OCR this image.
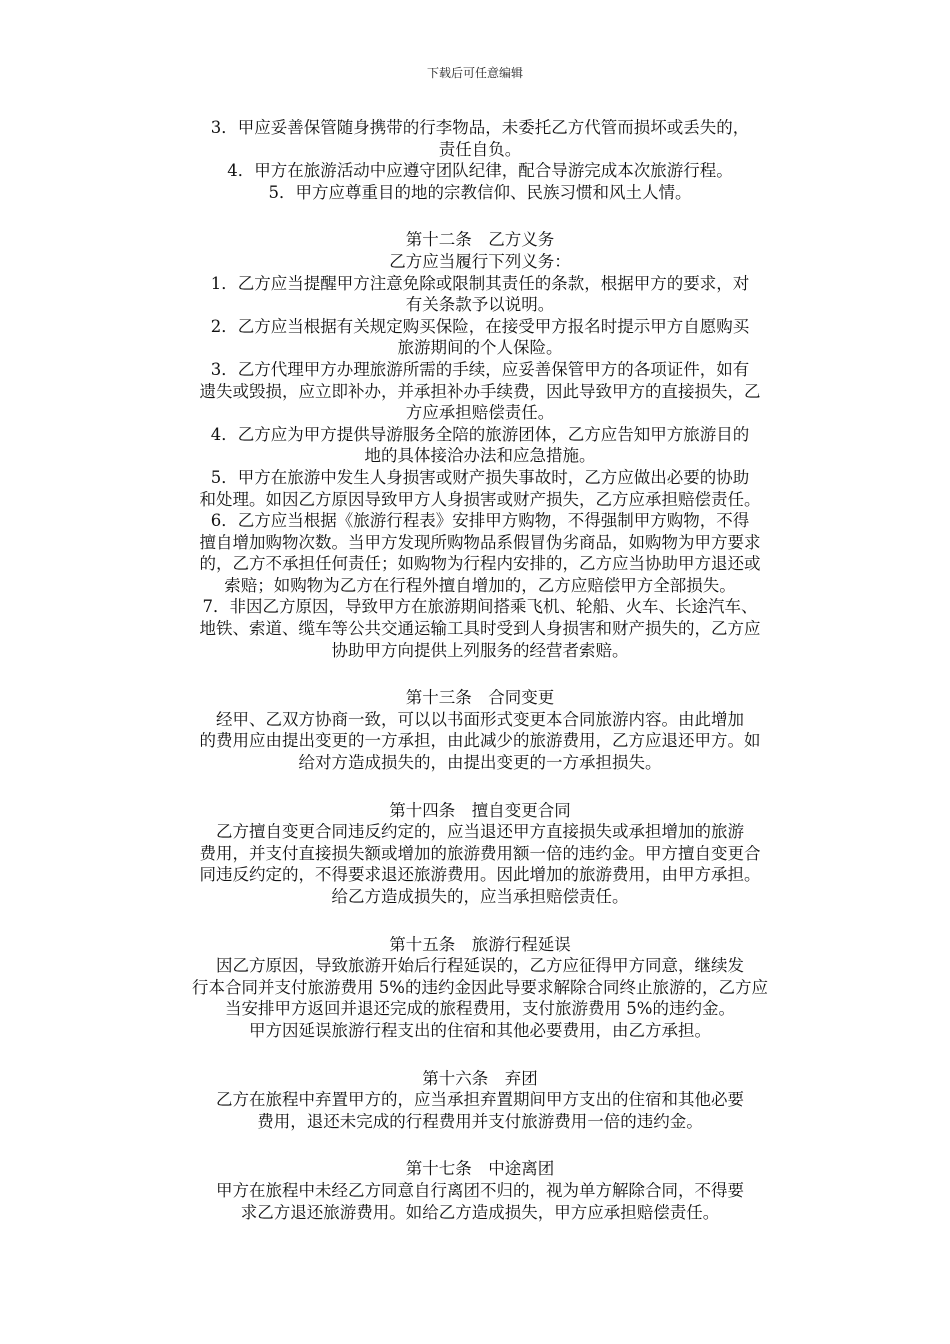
下载后可任意编辑
3．甲应妥善保管随身携带的行李物品，未委托乙方代管而损坏或丢失的，
责任自负。
4．甲方在旅游活动中应遵守团队纪律，配合导游完成本次旅游行程。
5．甲方应尊重目的地的宗教信仰、民族习惯和风土人情。
第十二条　乙方义务
乙方应当履行下列义务：
1．乙方应当提醒甲方注意免除或限制其责任的条款，根据甲方的要求，对
有关条款予以说明。
2．乙方应当根据有关规定购买保险，在接受甲方报名时提示甲方自愿购买
旅游期间的个人保险。
3．乙方代理甲方办理旅游所需的手续，应妥善保管甲方的各项证件，如有
遗失或毁损，应立即补办，并承担补办手续费，因此导致甲方的直接损失，乙
方应承担赔偿责任。
4．乙方应为甲方提供导游服务全陪的旅游团体，乙方应告知甲方旅游目的
地的具体接洽办法和应急措施。
5．甲方在旅游中发生人身损害或财产损失事故时，乙方应做出必要的协助
和处理。如因乙方原因导致甲方人身损害或财产损失，乙方应承担赔偿责任。
6．乙方应当根据《旅游行程表》安排甲方购物，不得强制甲方购物，不得
擅自增加购物次数。当甲方发现所购物品系假冒伪劣商品，如购物为甲方要求
的，乙方不承担任何责任；如购物为行程内安排的，乙方应当协助甲方退还或
索赔；如购物为乙方在行程外擅自增加的，乙方应赔偿甲方全部损失。
7．非因乙方原因，导致甲方在旅游期间搭乘飞机、轮船、火车、长途汽车、
地铁、索道、缆车等公共交通运输工具时受到人身损害和财产损失的，乙方应
协助甲方向提供上列服务的经营者索赔。
第十三条　合同变更
经甲、乙双方协商一致，可以以书面形式变更本合同旅游内容。由此增加
的费用应由提出变更的一方承担，由此减少的旅游费用，乙方应退还甲方。如
给对方造成损失的，由提出变更的一方承担损失。
第十四条　擅自变更合同
乙方擅自变更合同违反约定的，应当退还甲方直接损失或承担增加的旅游
费用，并支付直接损失额或增加的旅游费用额一倍的违约金。甲方擅自变更合
同违反约定的，不得要求退还旅游费用。因此增加的旅游费用，由甲方承担。
给乙方造成损失的，应当承担赔偿责任。
第十五条　旅游行程延误
因乙方原因，导致旅游开始后行程延误的，乙方应征得甲方同意，继续发
行本合同并支付旅游费用 5%的违约金因此导要求解除合同终止旅游的，乙方应
当安排甲方返回并退还完成的旅程费用，支付旅游费用 5%的违约金。
甲方因延误旅游行程支出的住宿和其他必要费用，由乙方承担。
第十六条　弃团
乙方在旅程中弃置甲方的，应当承担弃置期间甲方支出的住宿和其他必要
费用，退还未完成的行程费用并支付旅游费用一倍的违约金。
第十七条　中途离团
甲方在旅程中未经乙方同意自行离团不归的，视为单方解除合同，不得要
求乙方退还旅游费用。如给乙方造成损失，甲方应承担赔偿责任。
